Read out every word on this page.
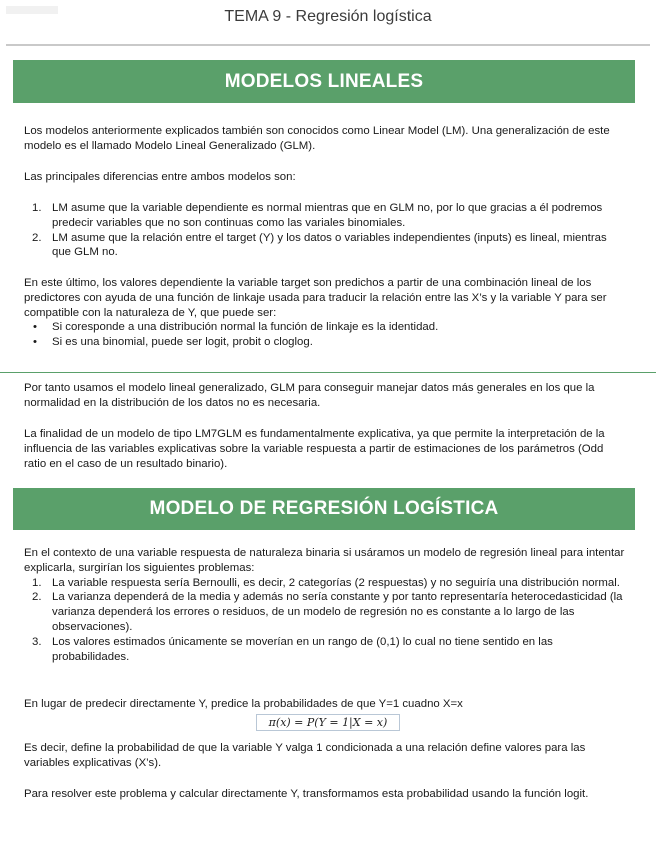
TEMA 9 - Regresión logística
MODELOS LINEALES

Los modelos anteriormente explicados también son conocidos como Linear Model (LM). Una generalización de este modelo es el llamado Modelo Lineal Generalizado (GLM).

Las principales diferencias entre ambos modelos son:

1. LM asume que la variable dependiente es normal mientras que en GLM no, por lo que gracias a él podremos predecir variables que no son continuas como las variales binomiales.
2. LM asume que la relación entre el target (Y) y los datos o variables independientes (inputs) es lineal, mientras que GLM no.

En este último, los valores dependiente la variable target son predichos a partir de una combinación lineal de los predictores con ayuda de una función de linkaje usada para traducir la relación entre las X’s y la variable Y para ser compatible con la naturaleza de Y, que puede ser:

• Si coresponde a una distribución normal la función de linkaje es la identidad.
• Si es una binomial, puede ser logit, probit o cloglog.

Por tanto usamos el modelo lineal generalizado, GLM para conseguir manejar datos más generales en los que la normalidad en la distribución de los datos no es necesaria.

La finalidad de un modelo de tipo LM7GLM es fundamentalmente explicativa, ya que permite la interpretación de la influencia de las variables explicativas sobre la variable respuesta a partir de estimaciones de los parámetros (Odd ratio en el caso de un resultado binario).

MODELO DE REGRESIÓN LOGÍSTICA

En el contexto de una variable respuesta de naturaleza binaria si usáramos un modelo de regresión lineal para intentar explicarla, surgirían los siguientes problemas:

1. La variable respuesta sería Bernoulli, es decir, 2 categorías (2 respuestas) y no seguiría una distribución normal.
2. La varianza dependerá de la media y además no sería constante y por tanto representaría heterocedasticidad (la varianza dependerá los errores o residuos, de un modelo de regresión no es constante a lo largo de las observaciones).
3. Los valores estimados únicamente se moverían en un rango de (0,1) lo cual no tiene sentido en las probabilidades.

En lugar de predecir directamente Y, predice la probabilidades de que Y=1 cuadno X=x

π(x) = P(Y = 1|X = x)

Es decir, define la probabilidad de que la variable Y valga 1 condicionada a una relación define valores para las variables explicativas (X’s).

Para resolver este problema y calcular directamente Y, transformamos esta probabilidad usando la función logit.
